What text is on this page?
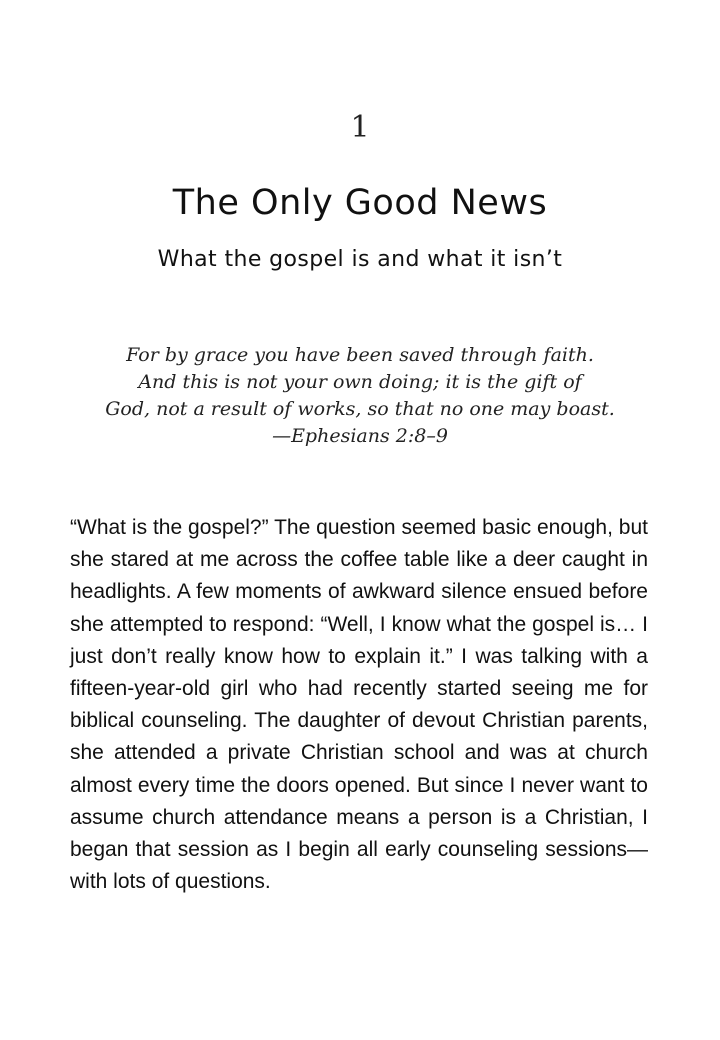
1
The Only Good News
What the gospel is and what it isn’t
For by grace you have been saved through faith.
And this is not your own doing; it is the gift of
God, not a result of works, so that no one may boast.
—Ephesians 2:8–9
“What is the gospel?” The question seemed basic enough, but she stared at me across the coffee table like a deer caught in headlights. A few moments of awkward silence ensued before she attempted to respond: “Well, I know what the gospel is… I just don’t really know how to explain it.” I was talking with a fifteen-year-old girl who had recently started seeing me for biblical counseling. The daughter of devout Christian parents, she attended a private Christian school and was at church almost every time the doors opened. But since I never want to assume church attendance means a person is a Christian, I began that session as I begin all early counseling sessions—with lots of questions.
